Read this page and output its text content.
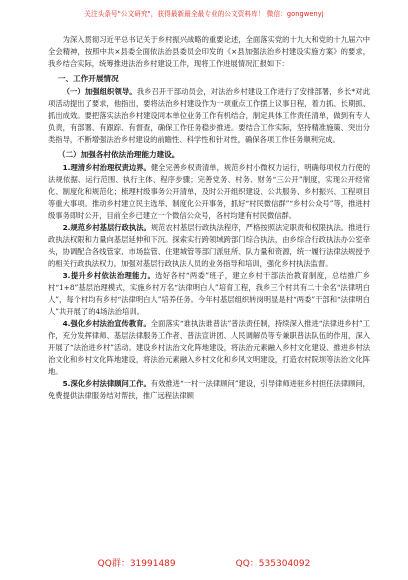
关注头条号"公文研究"，获得最新最全最专业的公文资料库！ 微信：gongwenyj

为深入贯彻习近平总书记关于乡村振兴战略的重要论述，全面落实党的十九大和党的十九届六中全会精神，按照中共×县委全面依法治县委员会印发的《×县加强法治乡村建设实施方案》的要求，我乡结合实际，统筹推进法治乡村建设工作，现将工作进展情况汇报如下：

一、工作开展情况

（一）加强组织领导。我乡召开干部动员会，对法治乡村建设工作进行了安排部署，乡长*对此项活动提出了要求，他指出，要将法治乡村建设作为一项重点工作摆上议事日程，着力抓、长期抓、抓出成效。要把落实法治乡村建设同本单位业务工作有机结合，制定具体工作责任清单，做到有专人负责，有部署、有跟踪、有督查，确保工作任务稳步推进。要结合工作实际，坚持精准施策、突出分类指导，不断增强法治乡村建设的前瞻性、科学性和针对性，确保各项工作任务顺利完成。

（二）加强各村依法治理能力建设。

1.理清乡村治理权责边界。健全完善乡权责清单，规范乡村小微权力运行，明确每项权力行使的法规依据、运行范围、执行主体、程序步骤；完善党务、村务、财务“三公开”制度，实现公开经常化、制度化和规范化；梳理村级事务公开清单，及时公开组织建设、公共服务、乡村振兴、工程项目等重大事项。推动乡村建立民主选举、制度化公开事务，抓好“村民微信群”“乡村公众号”等，推进村级事务即时公开，目前全乡已建立一个微信公众号，各村均建有村民微信群。

2.规范乡村基层行政执法。规范农村基层行政执法程序，严格按照法定职责和权限执法。推进行政执法权限和力量向基层延伸和下沉。探索实行跨领域跨部门综合执法，由乡综合行政执法办公室牵头，协调配合各线管家、市场监管、住建城管等部门派驻所、队力量和资源，统一履行法律法规授予的相关行政执法权力。加强对基层行政执法人员的业务指导和培训，强化乡村执法监督。

3.提升乡村依法治理能力。选好各村“两委”班子，建立乡村干部法治教育制度，总结推广乡村“1+8”基层治理模式，实施乡村万名“法律明白人”培育工程，我乡三个村共有二十余名“法律明白人”，每个村均有乡村“法律明白人”培养任务。今年村基层组织转岗明显是村“两委”干部和“法律明白人”共开展了的4场法治培训。

4.强化乡村法治宣传教育。全面落实“谁执法谁普法”普法责任制，持续深入推进“法律进乡村”工作，充分发挥律师、基层法律服务工作者、普法宣讲团、人民调解员等专兼职普法队伍的作用，深入开展了“法治进乡村”活动。建设乡村法治文化阵地建设，将法治元素融入乡村文化建设、推进乡村法治文化和乡村文化阵地建设，将法治元素融入乡村文化和乡风文明建设，打造农村院坝等法治文化阵地。

5.深化乡村法律顾问工作。有效推进“一村一法律顾问”建设，引导律师进驻乡村担任法律顾问，免费提供法律服务结对帮扶，推广远程法律顾

QQ群：31991489	QQ：535304092
